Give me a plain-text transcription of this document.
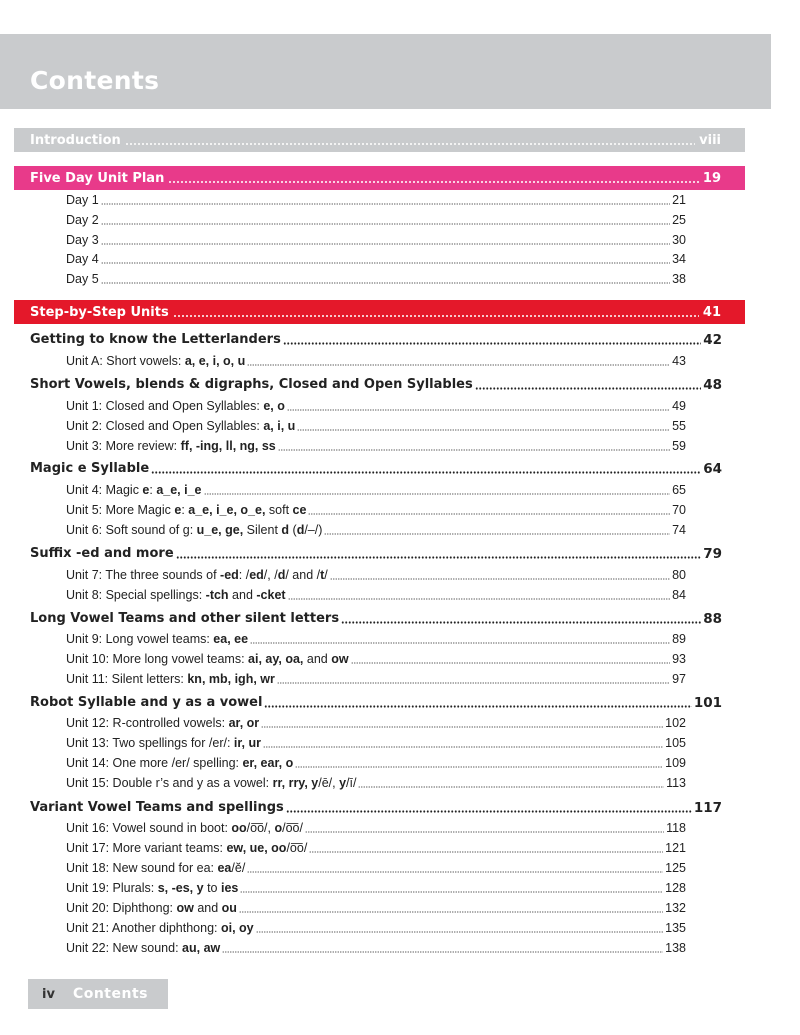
Contents
Introduction	viii
Five Day Unit Plan	19
Day 1	21
Day 2	25
Day 3	30
Day 4	34
Day 5	38
Step-by-Step Units	41
Getting to know the Letterlanders	42
Unit A: Short vowels: a, e, i, o, u	43
Short Vowels, blends & digraphs, Closed and Open Syllables	48
Unit 1: Closed and Open Syllables: e, o	49
Unit 2: Closed and Open Syllables: a, i, u	55
Unit 3: More review: ff, -ing, ll, ng, ss	59
Magic e Syllable	64
Unit 4: Magic e: a_e, i_e	65
Unit 5: More Magic e: a_e, i_e, o_e, soft ce	70
Unit 6: Soft sound of g: u_e, ge, Silent d (d/–/)	74
Suffix -ed and more	79
Unit 7: The three sounds of -ed: /ed/, /d/ and /t/	80
Unit 8: Special spellings: -tch and -cket	84
Long Vowel Teams and other silent letters	88
Unit 9: Long vowel teams: ea, ee	89
Unit 10: More long vowel teams: ai, ay, oa, and ow	93
Unit 11: Silent letters: kn, mb, igh, wr	97
Robot Syllable and y as a vowel	101
Unit 12: R-controlled vowels: ar, or	102
Unit 13: Two spellings for /er/: ir, ur	105
Unit 14: One more /er/ spelling: er, ear, o	109
Unit 15: Double r’s and y as a vowel: rr, rry, y/ē/, y/ī/	113
Variant Vowel Teams and spellings	117
Unit 16: Vowel sound in boot: oo/o͞o/, o/o͞o/	118
Unit 17: More variant teams: ew, ue, oo/o͞o/	121
Unit 18: New sound for ea: ea/ĕ/	125
Unit 19: Plurals: s, -es, y to ies	128
Unit 20: Diphthong: ow and ou	132
Unit 21: Another diphthong: oi, oy	135
Unit 22: New sound: au, aw	138
iv Contents
